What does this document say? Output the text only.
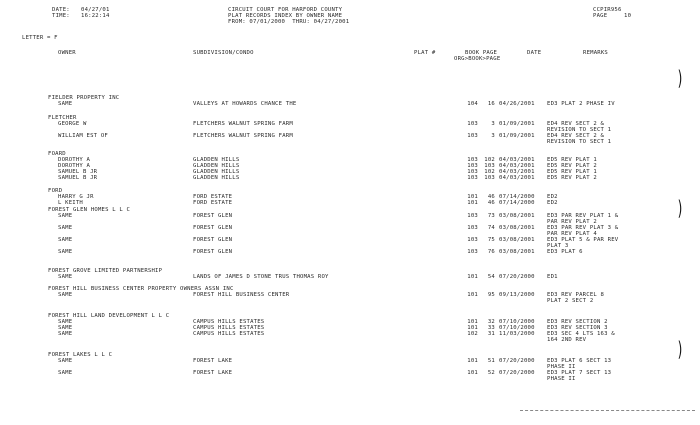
DATE: 04/27/01
TIME: 16:22:14
CIRCUIT COURT FOR HARFORD COUNTY
PLAT RECORDS INDEX BY OWNER NAME
FROM: 07/01/2000  THRU: 04/27/2001
CCPIR956
PAGE	10
LETTER = F
OWNER	SUBDIVISION/CONDO	PLAT #	BOOK PAGE
ORG>BOOK>PAGE
DATE	REMARKS
)
)
)
FIELDER PROPERTY INC
SAME	VALLEYS AT HOWARDS CHANCE THE	104	16 04/26/2001 ED3 PLAT 2 PHASE IV
FLETCHER
GEORGE W	FLETCHERS WALNUT SPRING FARM	103	3 01/09/2001 ED4 REV SECT 2 &
REVISION TO SECT 1
WILLIAM EST OF	FLETCHERS WALNUT SPRING FARM	103	3 01/09/2001 ED4 REV SECT 2 &
REVISION TO SECT 1
FOARD
DOROTHY A	GLADDEN HILLS	103	102 04/03/2001 ED5 REV PLAT 1
DOROTHY A	GLADDEN HILLS	103	103 04/03/2001 ED5 REV PLAT 2
SAMUEL B JR	GLADDEN HILLS	103	102 04/03/2001 ED5 REV PLAT 1
SAMUEL B JR	GLADDEN HILLS	103	103 04/03/2001 ED5 REV PLAT 2
FORD
HARRY G JR	FORD ESTATE	101	46 07/14/2000 ED2
L KEITH	FORD ESTATE	101	46 07/14/2000 ED2
FOREST GLEN HOMES L L C
SAME	FOREST GLEN	103	73 03/08/2001 ED3 PAR REV PLAT 1 &
PAR REV PLAT 2
SAME	FOREST GLEN	103	74 03/08/2001 ED3 PAR REV PLAT 3 &
PAR REV PLAT 4
SAME	FOREST GLEN	103	75 03/08/2001 ED3 PLAT 5 & PAR REV
PLAT 3
SAME	FOREST GLEN	103	76 03/08/2001 ED3 PLAT 6
FOREST GROVE LIMITED PARTNERSHIP
SAME	LANDS OF JAMES D STONE TRUS THOMAS ROY	101	54 07/20/2000 ED1
FOREST HILL BUSINESS CENTER PROPERTY OWNERS ASSN INC
SAME	FOREST HILL BUSINESS CENTER	101	95 09/13/2000 ED3 REV PARCEL 8
PLAT 2 SECT 2
FOREST HILL LAND DEVELOPMENT L L C
SAME	CAMPUS HILLS ESTATES	101	32 07/10/2000 ED3 REV SECTION 2
SAME	CAMPUS HILLS ESTATES	101	33 07/10/2000 ED3 REV SECTION 3
SAME	CAMPUS HILLS ESTATES	102	31 11/03/2000 ED3 SEC 4 LTS 163 &
164 2ND REV
FOREST LAKES L L C
SAME	FOREST LAKE	101	51 07/20/2000 ED3 PLAT 6 SECT 13
PHASE II
SAME	FOREST LAKE	101	52 07/20/2000 ED3 PLAT 7 SECT 13
PHASE II
